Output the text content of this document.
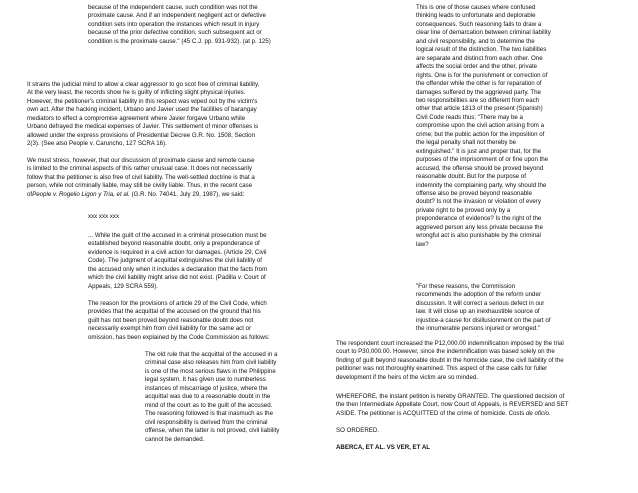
because of the independent cause, such condition was not the
proximate cause. And if an independent negligent act or defective
condition sets into operation the instances which result in injury
because of the prior defective condition, such subsequent act or
condition is the proximate cause." (45 C.J. pp. 931-932). (at p. 125)

It strains the judicial mind to allow a clear aggressor to go scot free of criminal liability.
At the very least, the records show he is guilty of inflicting slight physical injuries.
However, the petitioner's criminal liability in this respect was wiped out by the victim's
own act. After the hacking incident, Urbano and Javier used the facilities of barangay
mediators to effect a compromise agreement where Javier forgave Urbano while
Urbano defrayed the medical expenses of Javier. This settlement of minor offenses is
allowed under the express provisions of Presidential Decree G.R. No. 1508, Section
2(3). (See also People v. Caruncho, 127 SCRA 16).

We must stress, however, that our discussion of proximate cause and remote cause
is limited to the criminal aspects of this rather unusual case. It does not necessarily
follow that the petitioner is also free of civil liability. The well-settled doctrine is that a
person, while not criminally liable, may still be civilly liable. Thus, in the recent case
ofPeople v. Rogelio Ligon y Tria, et al. (G.R. No. 74041, July 29, 1987), we said:

xxx xxx xxx

... While the guilt of the accused in a criminal prosecution must be
established beyond reasonable doubt, only a preponderance of
evidence is required in a civil action for damages. (Article 29, Civil
Code). The judgment of acquittal extinguishes the civil liability of
the accused only when it includes a declaration that the facts from
which the civil liability might arise did not exist. (Padilla v. Court of
Appeals, 129 SCRA 559).

The reason for the provisions of article 29 of the Civil Code, which
provides that the acquittal of the accused on the ground that his
guilt has not been proved beyond reasonable doubt does not
necessarily exempt him from civil liability for the same act or
omission, has been explained by the Code Commission as follows:

The old rule that the acquittal of the accused in a
criminal case also releases him from civil liability
is one of the most serious flaws in the Philippine
legal system. It has given use to numberless
instances of miscarriage of justice, where the
acquittal was due to a reasonable doubt in the
mind of the court as to the guilt of the accused.
The reasoning followed is that inasmuch as the
civil responsibility is derived from the criminal
offense, when the latter is not proved, civil liability
cannot be demanded.

This is one of those causes where confused
thinking leads to unfortunate and deplorable
consequences. Such reasoning fails to draw a
clear line of demarcation between criminal liability
and civil responsibility, and to determine the
logical result of the distinction. The two liabilities
are separate and distinct from each other. One
affects the social order and the other, private
rights. One is for the punishment or correction of
the offender while the other is for reparation of
damages suffered by the aggrieved party. The
two responsibilities are so different from each
other that article 1813 of the present (Spanish)
Civil Code reads thus: "There may be a
compromise upon the civil action arising from a
crime; but the public action for the imposition of
the legal penalty shall not thereby be
extinguished." It is just and proper that, for the
purposes of the imprisonment of or fine upon the
accused, the offense should be proved beyond
reasonable doubt. But for the purpose of
indemnity the complaining party, why should the
offense also be proved beyond reasonable
doubt? Is not the invasion or violation of every
private right to be proved only by a
preponderance of evidence? Is the right of the
aggrieved person any less private because the
wrongful act is also punishable by the criminal
law?

"For these reasons, the Commission
recommends the adoption of the reform under
discussion. It will correct a serious defect in our
law. It will close up an inexhaustible source of
injustice-a cause for disillusionment on the part of
the innumerable persons injured or wronged."

The respondent court increased the P12,000.00 indemnification imposed by the trial
court to P30,000.00. However, since the indemnification was based solely on the
finding of guilt beyond reasonable doubt in the homicide case, the civil liability of the
petitioner was not thoroughly examined. This aspect of the case calls for fuller
development if the heirs of the victim are so minded.

WHEREFORE, the instant petition is hereby GRANTED. The questioned decision of
the then Intermediate Appellate Court, now Court of Appeals, is REVERSED and SET
ASIDE. The petitioner is ACQUITTED of the crime of homicide. Costs de oficio.

SO ORDERED.

ABERCA, ET AL. VS VER, ET AL
